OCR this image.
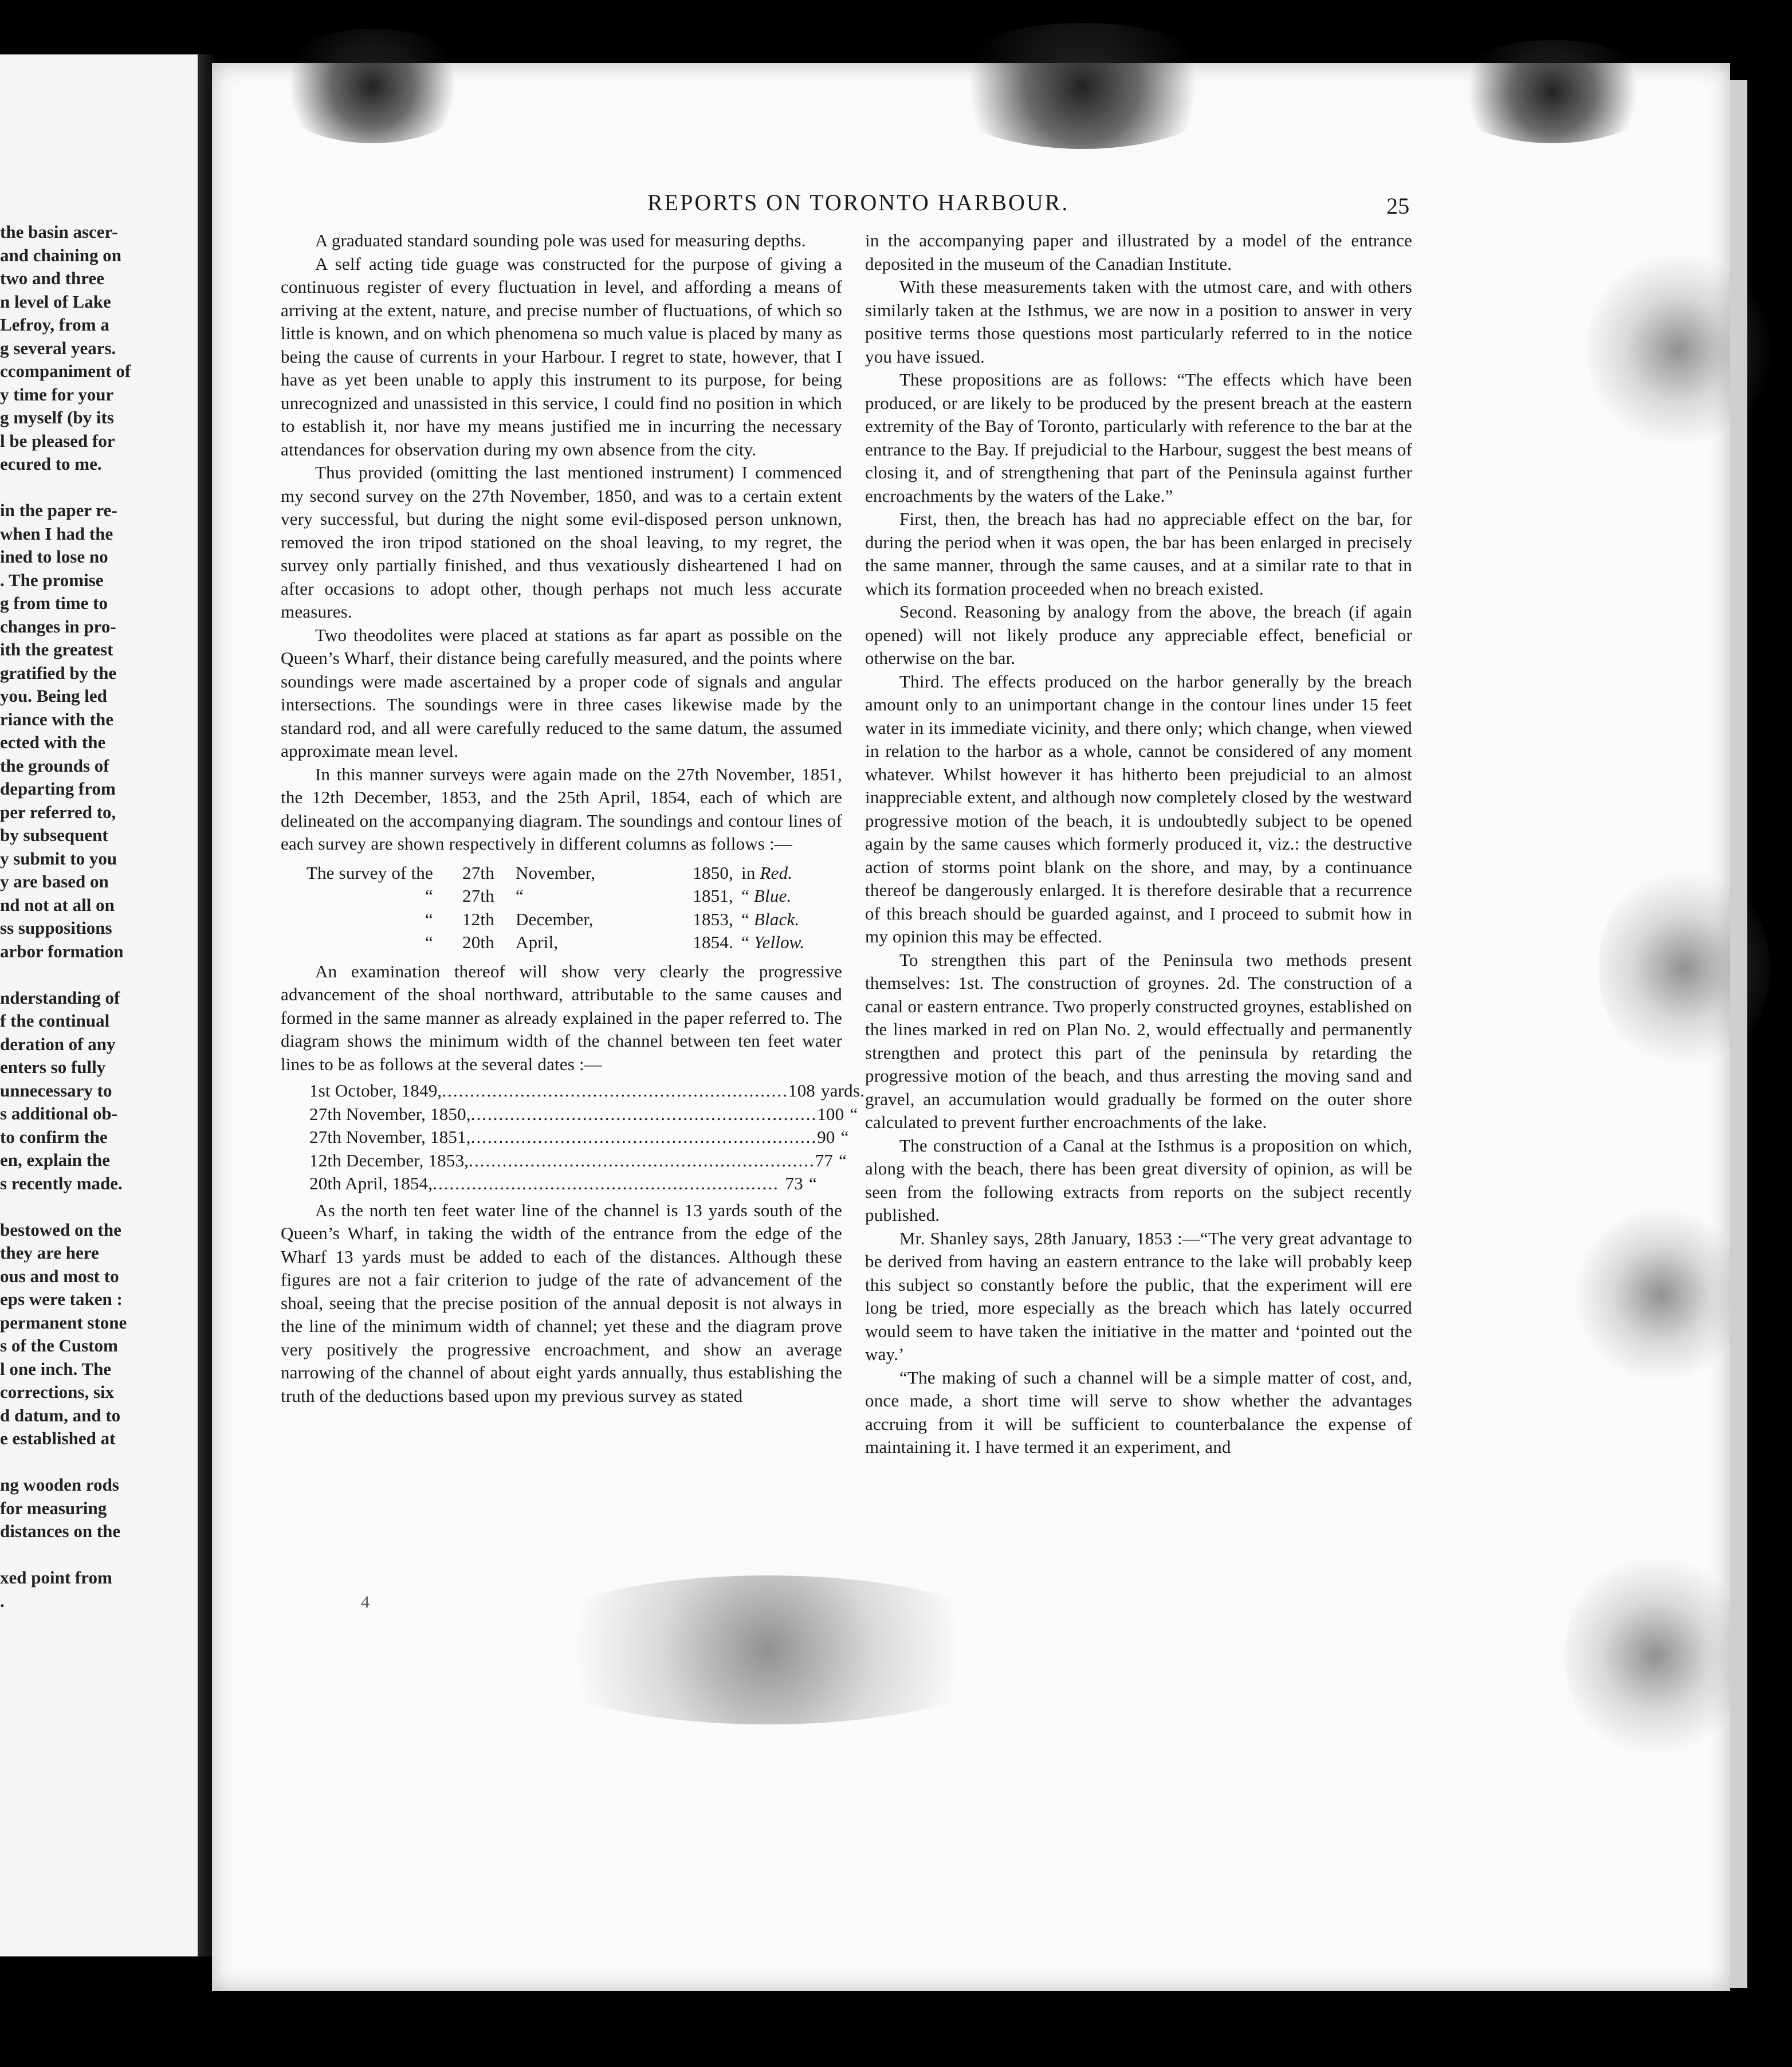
the basin ascer-
and chaining on
two and three
n level of Lake
Lefroy, from a
g several years.
ccompaniment of
y time for your
g myself (by its
l be pleased for
ecured to me.

in the paper re-
when I had the
ined to lose no
. The promise
g from time to
changes in pro-
ith the greatest
gratified by the
you. Being led
riance with the
ected with the
the grounds of
departing from
per referred to,
by subsequent
y submit to you
y are based on
nd not at all on
ss suppositions
arbor formation

nderstanding of
f the continual
deration of any
enters so fully
unnecessary to
s additional ob-
to confirm the
en, explain the
s recently made.

bestowed on the
they are here
ous and most to
eps were taken :
permanent stone
s of the Custom
l one inch. The
corrections, six
d datum, and to
e established at

ng wooden rods
for measuring
distances on the

xed point from
.
REPORTS ON TORONTO HARBOUR.	25

A graduated standard sounding pole was used for measuring depths.

A self acting tide guage was constructed for the purpose of giving a continuous register of every fluctuation in level, and affording a means of arriving at the extent, nature, and precise number of fluctuations, of which so little is known, and on which phenomena so much value is placed by many as being the cause of currents in your Harbour. I regret to state, however, that I have as yet been unable to apply this instrument to its purpose, for being unrecognized and unassisted in this service, I could find no position in which to establish it, nor have my means justified me in incurring the necessary attendances for observation during my own absence from the city.

Thus provided (omitting the last mentioned instrument) I commenced my second survey on the 27th November, 1850, and was to a certain extent very successful, but during the night some evil-disposed person unknown, removed the iron tripod stationed on the shoal leaving, to my regret, the survey only partially finished, and thus vexatiously disheartened I had on after occasions to adopt other, though perhaps not much less accurate measures.

Two theodolites were placed at stations as far apart as possible on the Queen’s Wharf, their distance being carefully measured, and the points where soundings were made ascertained by a proper code of signals and angular intersections. The soundings were in three cases likewise made by the standard rod, and all were carefully reduced to the same datum, the assumed approximate mean level.

In this manner surveys were again made on the 27th November, 1851, the 12th December, 1853, and the 25th April, 1854, each of which are delineated on the accompanying diagram. The soundings and contour lines of each survey are shown respectively in different columns as follows :—

The survey of the	27th	November,	1850, in Red.
“	27th	“	1851, “ Blue.
“	12th	December,	1853, “ Black.
“	20th	April,	1854. “ Yellow.

An examination thereof will show very clearly the progressive advancement of the shoal northward, attributable to the same causes and formed in the same manner as already explained in the paper referred to. The diagram shows the minimum width of the channel between ten feet water lines to be as follows at the several dates :—

1st October, 1849, .............................................................. 108 yards.
27th November, 1850, .............................................................. 100 “
27th November, 1851, .............................................................. 90 “
12th December, 1853, .............................................................. 77 “
20th April, 1854, .............................................................. 73 “

As the north ten feet water line of the channel is 13 yards south of the Queen’s Wharf, in taking the width of the entrance from the edge of the Wharf 13 yards must be added to each of the distances. Although these figures are not a fair criterion to judge of the rate of advancement of the shoal, seeing that the precise position of the annual deposit is not always in the line of the minimum width of channel; yet these and the diagram prove very positively the progressive encroachment, and show an average narrowing of the channel of about eight yards annually, thus establishing the truth of the deductions based upon my previous survey as stated

4

in the accompanying paper and illustrated by a model of the entrance deposited in the museum of the Canadian Institute.

With these measurements taken with the utmost care, and with others similarly taken at the Isthmus, we are now in a position to answer in very positive terms those questions most particularly referred to in the notice you have issued.

These propositions are as follows: “The effects which have been produced, or are likely to be produced by the present breach at the eastern extremity of the Bay of Toronto, particularly with reference to the bar at the entrance to the Bay. If prejudicial to the Harbour, suggest the best means of closing it, and of strengthening that part of the Peninsula against further encroachments by the waters of the Lake.”

First, then, the breach has had no appreciable effect on the bar, for during the period when it was open, the bar has been enlarged in precisely the same manner, through the same causes, and at a similar rate to that in which its formation proceeded when no breach existed.

Second. Reasoning by analogy from the above, the breach (if again opened) will not likely produce any appreciable effect, beneficial or otherwise on the bar.

Third. The effects produced on the harbor generally by the breach amount only to an unimportant change in the contour lines under 15 feet water in its immediate vicinity, and there only; which change, when viewed in relation to the harbor as a whole, cannot be considered of any moment whatever. Whilst however it has hitherto been prejudicial to an almost inappreciable extent, and although now completely closed by the westward progressive motion of the beach, it is undoubtedly subject to be opened again by the same causes which formerly produced it, viz.: the destructive action of storms point blank on the shore, and may, by a continuance thereof be dangerously enlarged. It is therefore desirable that a recurrence of this breach should be guarded against, and I proceed to submit how in my opinion this may be effected.

To strengthen this part of the Peninsula two methods present themselves: 1st. The construction of groynes. 2d. The construction of a canal or eastern entrance. Two properly constructed groynes, established on the lines marked in red on Plan No. 2, would effectually and permanently strengthen and protect this part of the peninsula by retarding the progressive motion of the beach, and thus arresting the moving sand and gravel, an accumulation would gradually be formed on the outer shore calculated to prevent further encroachments of the lake.

The construction of a Canal at the Isthmus is a proposition on which, along with the beach, there has been great diversity of opinion, as will be seen from the following extracts from reports on the subject recently published.

Mr. Shanley says, 28th January, 1853 :—“The very great advantage to be derived from having an eastern entrance to the lake will probably keep this subject so constantly before the public, that the experiment will ere long be tried, more especially as the breach which has lately occurred would seem to have taken the initiative in the matter and ‘pointed out the way.’

“The making of such a channel will be a simple matter of cost, and, once made, a short time will serve to show whether the advantages accruing from it will be sufficient to counterbalance the expense of maintaining it. I have termed it an experiment, and
